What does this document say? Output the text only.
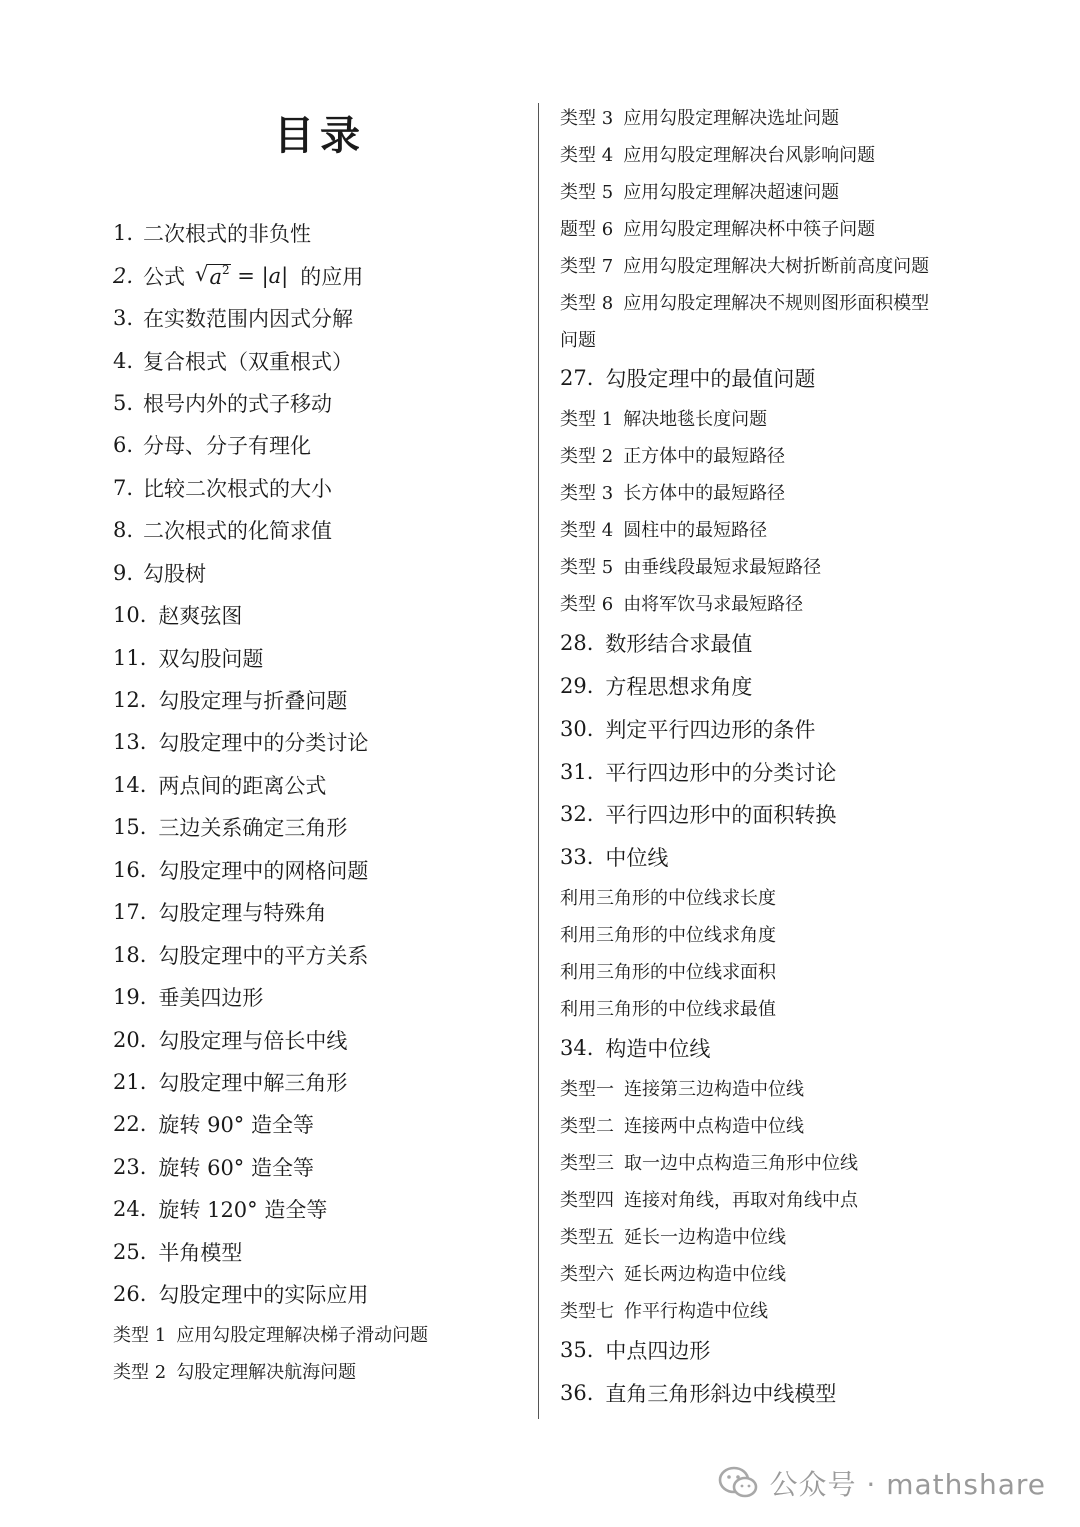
目录
1. 二次根式的非负性
2. 公式 √ $a^2 = |a|$ 的应用
3. 在实数范围内因式分解
4. 复合根式（双重根式）
5. 根号内外的式子移动
6. 分母、分子有理化
7. 比较二次根式的大小
8. 二次根式的化简求值
9. 勾股树
10. 赵爽弦图
11. 双勾股问题
12. 勾股定理与折叠问题
13. 勾股定理中的分类讨论
14. 两点间的距离公式
15. 三边关系确定三角形
16. 勾股定理中的网格问题
17. 勾股定理与特殊角
18. 勾股定理中的平方关系
19. 垂美四边形
20. 勾股定理与倍长中线
21. 勾股定理中解三角形
22. 旋转 90° 造全等
23. 旋转 60° 造全等
24. 旋转 120° 造全等
25. 半角模型
26. 勾股定理中的实际应用
类型 1 应用勾股定理解决梯子滑动问题
类型 2 勾股定理解决航海问题
类型 3 应用勾股定理解决选址问题
类型 4 应用勾股定理解决台风影响问题
类型 5 应用勾股定理解决超速问题
题型 6 应用勾股定理解决杯中筷子问题
类型 7 应用勾股定理解决大树折断前高度问题
类型 8 应用勾股定理解决不规则图形面积模型
问题
27. 勾股定理中的最值问题
类型 1 解决地毯长度问题
类型 2 正方体中的最短路径
类型 3 长方体中的最短路径
类型 4 圆柱中的最短路径
类型 5 由垂线段最短求最短路径
类型 6 由将军饮马求最短路径
28. 数形结合求最值
29. 方程思想求角度
30. 判定平行四边形的条件
31. 平行四边形中的分类讨论
32. 平行四边形中的面积转换
33. 中位线
利用三角形的中位线求长度
利用三角形的中位线求角度
利用三角形的中位线求面积
利用三角形的中位线求最值
34. 构造中位线
类型一 连接第三边构造中位线
类型二 连接两中点构造中位线
类型三 取一边中点构造三角形中位线
类型四 连接对角线，再取对角线中点
类型五 延长一边构造中位线
类型六 延长两边构造中位线
类型七 作平行构造中位线
35. 中点四边形
36. 直角三角形斜边中线模型
公众号 · mathshare
